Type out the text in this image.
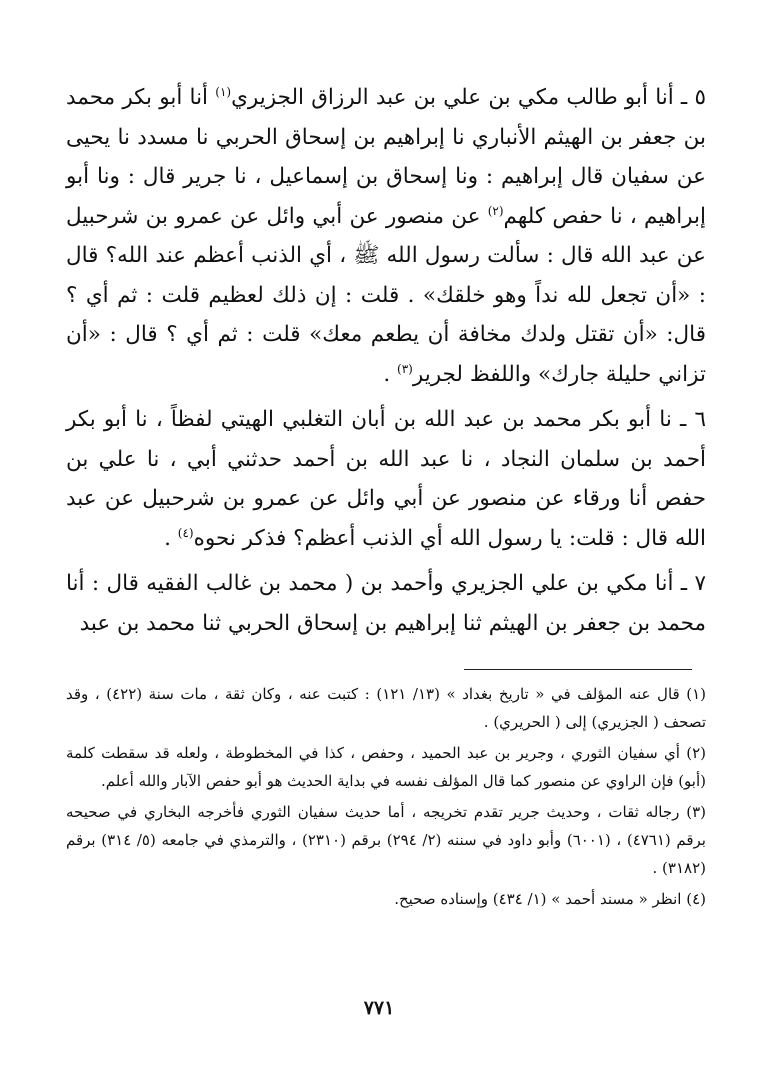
٥ ـ أنا أبو طالب مكي بن علي بن عبد الرزاق الجزيري$^{(١)}$ أنا أبو بكر محمد بن جعفر بن الهيثم الأنباري نا إبراهيم بن إسحاق الحربي نا مسدد نا يحيى عن سفيان قال إبراهيم : ونا إسحاق بن إسماعيل ، نا جرير قال : ونا أبو إبراهيم ، نا حفص كلهم$^{(٢)}$ عن منصور عن أبي وائل عن عمرو بن شرحبيل عن عبد الله قال : سألت رسول الله ﷺ ، أي الذنب أعظم عند الله؟ قال : «أن تجعل لله نداً وهو خلقك» . قلت : إن ذلك لعظيم قلت : ثم أي ؟ قال: «أن تقتل ولدك مخافة أن يطعم معك» قلت : ثم أي ؟ قال : «أن تزاني حليلة جارك» واللفظ لجرير$^{(٣)}$ .

٦ ـ نا أبو بكر محمد بن عبد الله بن أبان التغلبي الهيتي لفظاً ، نا أبو بكر أحمد بن سلمان النجاد ، نا عبد الله بن أحمد حدثني أبي ، نا علي بن حفص أنا ورقاء عن منصور عن أبي وائل عن عمرو بن شرحبيل عن عبد الله قال : قلت: يا رسول الله أي الذنب أعظم؟ فذكر نحوه$^{(٤)}$ .

٧ ـ أنا مكي بن علي الجزيري وأحمد بن ( محمد بن غالب الفقيه قال : أنا محمد بن جعفر بن الهيثم ثنا إبراهيم بن إسحاق الحربي ثنا محمد بن عبد

(١) قال عنه المؤلف في « تاريخ بغداد » (١٣/ ١٢١) : كتبت عنه ، وكان ثقة ، مات سنة (٤٢٢) ، وقد تصحف ( الجزيري) إلى ( الحريري) .

(٢) أي سفيان الثوري ، وجرير بن عبد الحميد ، وحفص ، كذا في المخطوطة ، ولعله قد سقطت كلمة (أبو) فإن الراوي عن منصور كما قال المؤلف نفسه في بداية الحديث هو أبو حفص الآبار والله أعلم.

(٣) رجاله ثقات ، وحديث جرير تقدم تخريجه ، أما حديث سفيان الثوري فأخرجه البخاري في صحيحه برقم (٤٧٦١) ، (٦٠٠١) وأبو داود في سننه (٢/ ٢٩٤) برقم (٢٣١٠) ، والترمذي في جامعه (٥/ ٣١٤) برقم (٣١٨٢) .

(٤) انظر « مسند أحمد » (١/ ٤٣٤) وإسناده صحيح.

٧٧١
